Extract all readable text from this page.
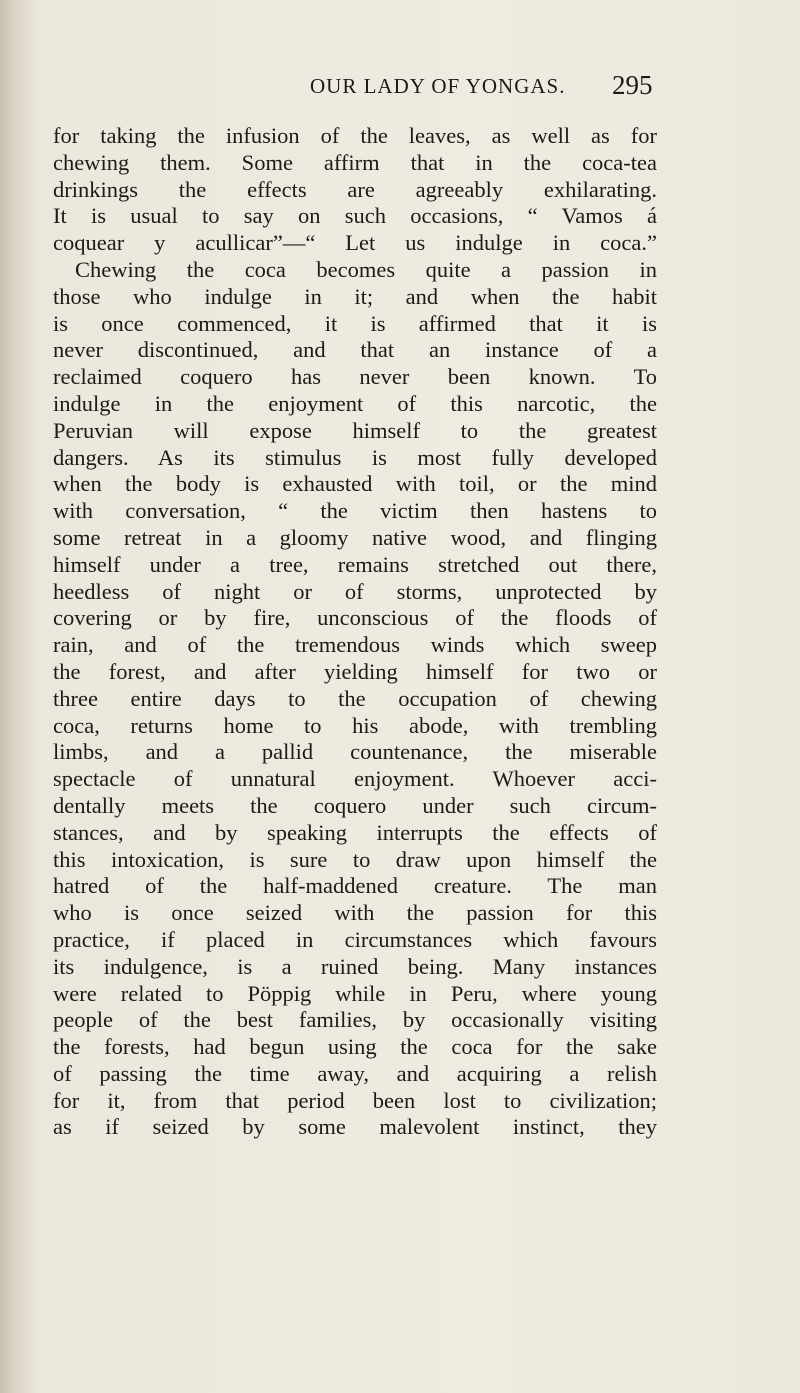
OUR LADY OF YONGAS. 295
for taking the infusion of the leaves, as well as for
chewing them. Some affirm that in the coca-tea
drinkings the effects are agreeably exhilarating.
It is usual to say on such occasions, “ Vamos á
coquear y acullicar”—“ Let us indulge in coca.”
Chewing the coca becomes quite a passion in
those who indulge in it; and when the habit
is once commenced, it is affirmed that it is
never discontinued, and that an instance of a
reclaimed coquero has never been known. To
indulge in the enjoyment of this narcotic, the
Peruvian will expose himself to the greatest
dangers. As its stimulus is most fully developed
when the body is exhausted with toil, or the mind
with conversation, “ the victim then hastens to
some retreat in a gloomy native wood, and flinging
himself under a tree, remains stretched out there,
heedless of night or of storms, unprotected by
covering or by fire, unconscious of the floods of
rain, and of the tremendous winds which sweep
the forest, and after yielding himself for two or
three entire days to the occupation of chewing
coca, returns home to his abode, with trembling
limbs, and a pallid countenance, the miserable
spectacle of unnatural enjoyment. Whoever acci-
dentally meets the coquero under such circum-
stances, and by speaking interrupts the effects of
this intoxication, is sure to draw upon himself the
hatred of the half-maddened creature. The man
who is once seized with the passion for this
practice, if placed in circumstances which favours
its indulgence, is a ruined being. Many instances
were related to Pöppig while in Peru, where young
people of the best families, by occasionally visiting
the forests, had begun using the coca for the sake
of passing the time away, and acquiring a relish
for it, from that period been lost to civilization;
as if seized by some malevolent instinct, they
